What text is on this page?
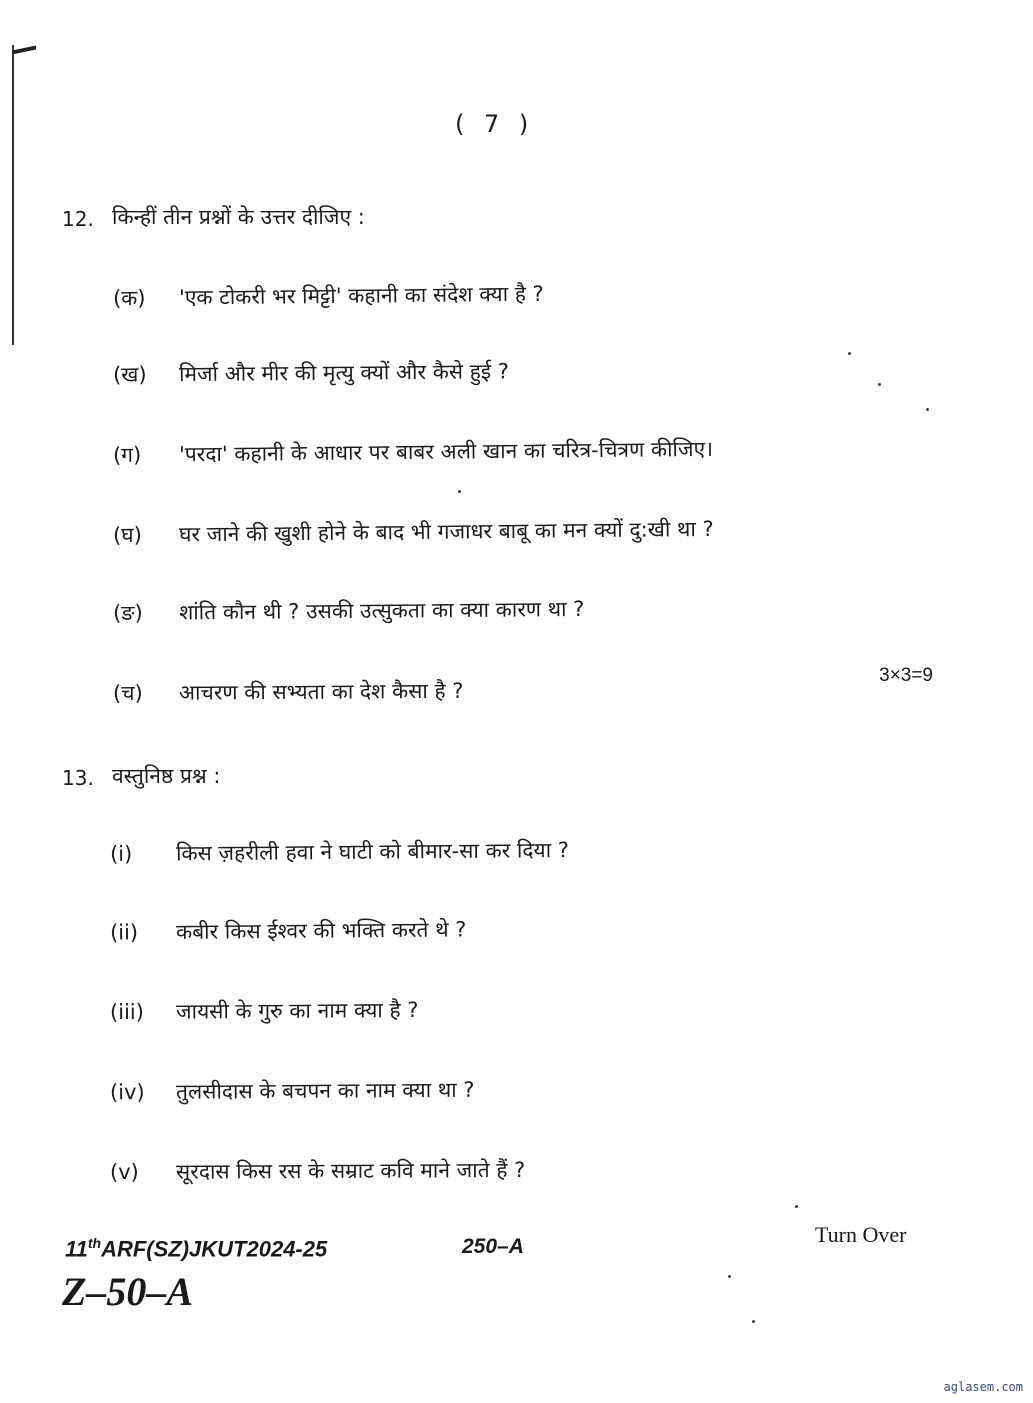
( 7 )
12. किन्हीं तीन प्रश्नों के उत्तर दीजिए :
(क) 'एक टोकरी भर मिट्टी' कहानी का संदेश क्या है ?
(ख) मिर्जा और मीर की मृत्यु क्यों और कैसे हुई ?
(ग) 'परदा' कहानी के आधार पर बाबर अली खान का चरित्र-चित्रण कीजिए।
(घ) घर जाने की खुशी होने के बाद भी गजाधर बाबू का मन क्यों दु:खी था ?
(ङ) शांति कौन थी ? उसकी उत्सुकता का क्या कारण था ?
(च) आचरण की सभ्यता का देश कैसा है ?
3×3=9
13. वस्तुनिष्ठ प्रश्न :
(i) किस ज़हरीली हवा ने घाटी को बीमार-सा कर दिया ?
(ii) कबीर किस ईश्वर की भक्ति करते थे ?
(iii) जायसी के गुरु का नाम क्या है ?
(iv) तुलसीदास के बचपन का नाम क्या था ?
(v) सूरदास किस रस के सम्राट कवि माने जाते हैं ?
11thARF(SZ)JKUT2024-25	250–A	Turn Over
Z–50–A
aglasem.com
